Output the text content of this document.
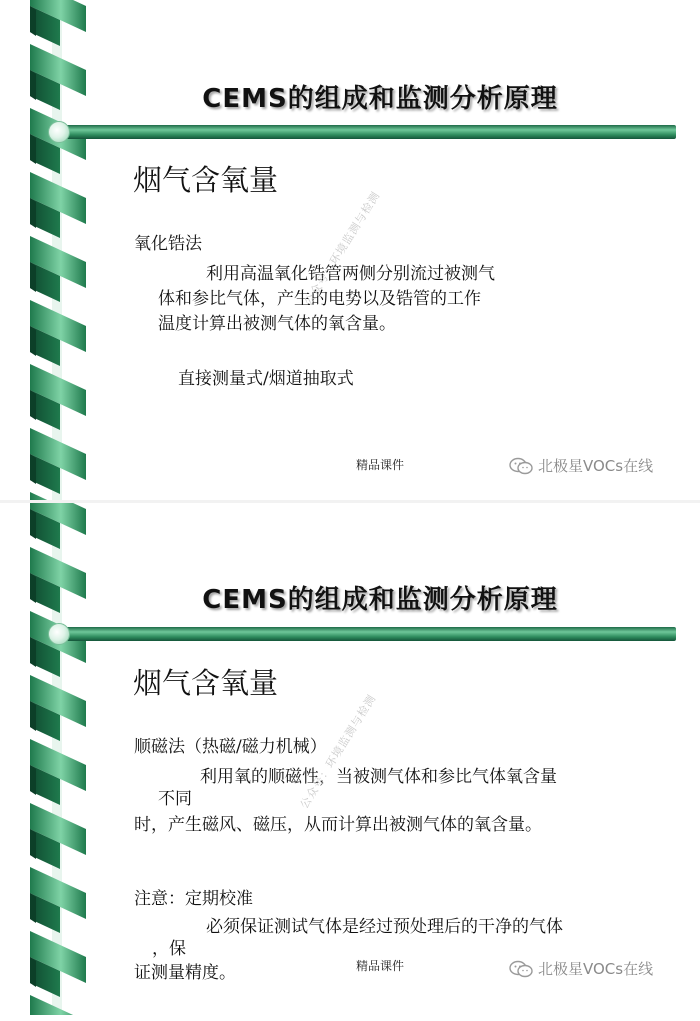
CEMS的组成和监测分析原理
烟气含氧量
氧化锆法
利用高温氧化锆管两侧分别流过被测气
体和参比气体，产生的电势以及锆管的工作
温度计算出被测气体的氧含量。
直接测量式/烟道抽取式
公众号：环境监测与检测
精品课件	北极星VOCs在线
CEMS的组成和监测分析原理
烟气含氧量
顺磁法（热磁/磁力机械）
利用氧的顺磁性，当被测气体和参比气体氧含量
不同
时，产生磁风、磁压，从而计算出被测气体的氧含量。
注意：定期校准
必须保证测试气体是经过预处理后的干净的气体
，保
证测量精度。
公众号：环境监测与检测
精品课件	北极星VOCs在线
